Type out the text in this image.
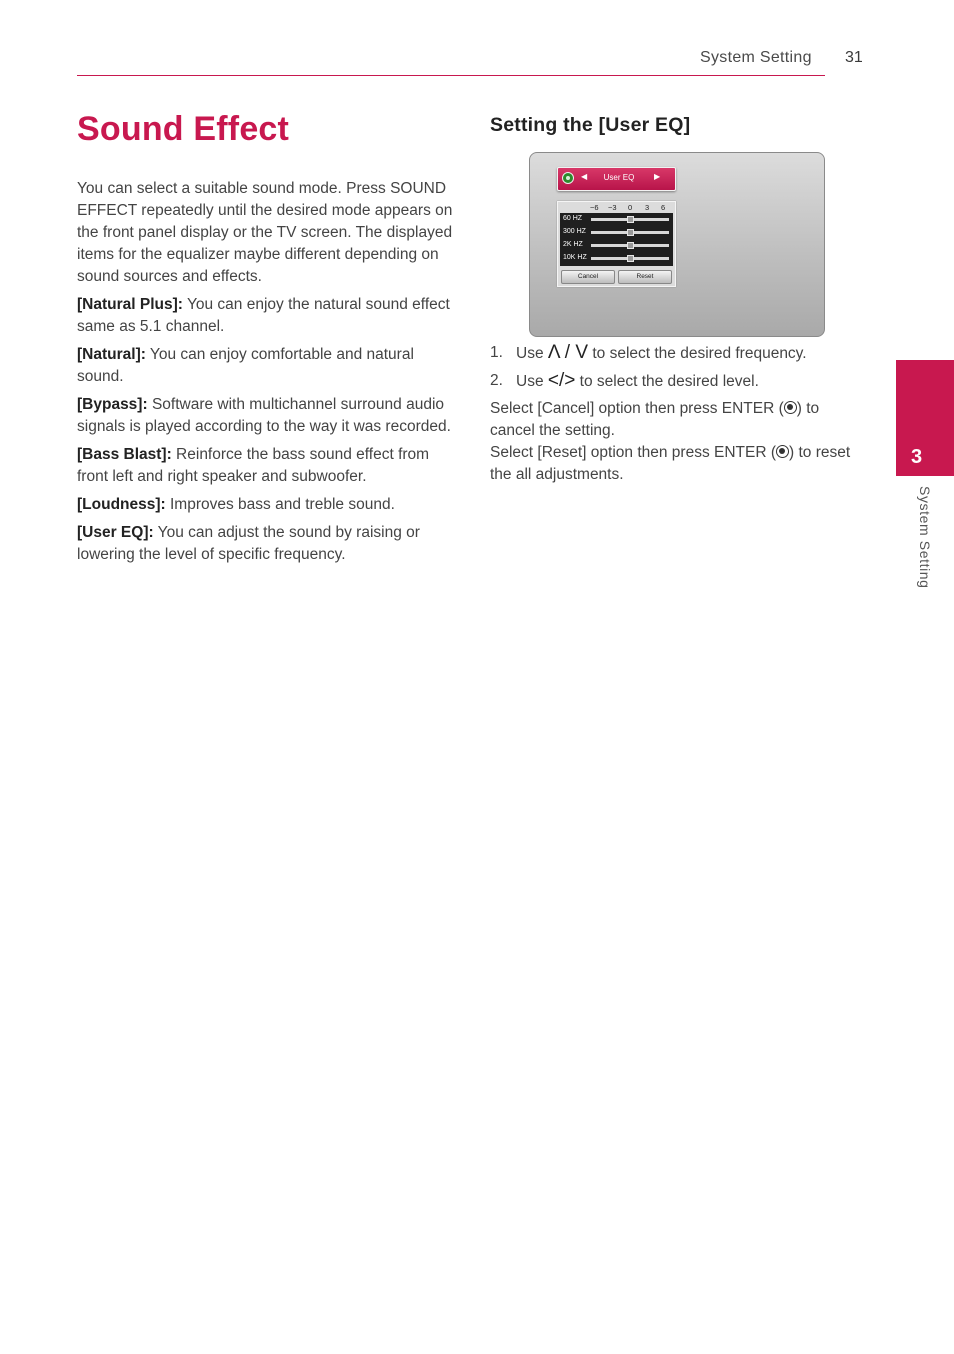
System Setting 31
Sound Effect

You can select a suitable sound mode. Press SOUND EFFECT repeatedly until the desired mode appears on the front panel display or the TV screen. The displayed items for the equalizer maybe different depending on sound sources and effects.

[Natural Plus]: You can enjoy the natural sound effect same as 5.1 channel.

[Natural]: You can enjoy comfortable and natural sound.

[Bypass]: Software with multichannel surround audio signals is played according to the way it was recorded.

[Bass Blast]: Reinforce the bass sound effect from front left and right speaker and subwoofer.

[Loudness]: Improves bass and treble sound.

[User EQ]: You can adjust the sound by raising or lowering the level of specific frequency.

Setting the [User EQ]
◀	User EQ	▶
−6 −3 0 3 6
60 HZ
300 HZ
2K HZ
10K HZ
Cancel	Reset
1. Use Λ / V to select the desired frequency.
2. Use </> to select the desired level.

Select [Cancel] option then press ENTER ( ) to cancel the setting.

Select [Reset] option then press ENTER ( ) to reset the all adjustments.

3
System Setting
